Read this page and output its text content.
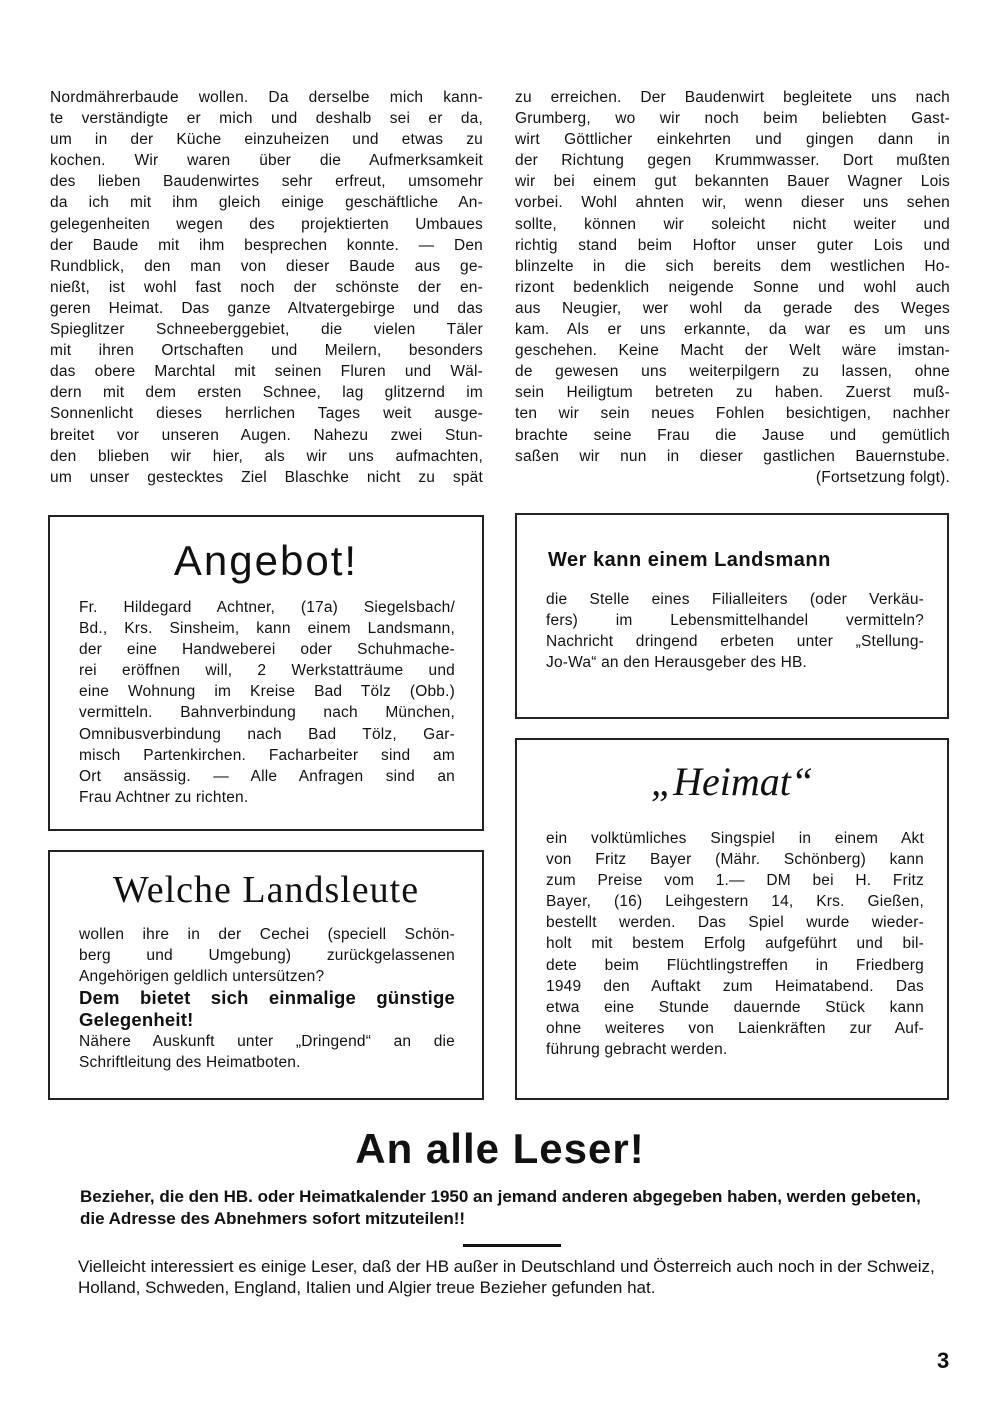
Nordmährerbaude wollen. Da derselbe mich kann-
te verständigte er mich und deshalb sei er da,
um in der Küche einzuheizen und etwas zu
kochen. Wir waren über die Aufmerksamkeit
des lieben Baudenwirtes sehr erfreut, umsomehr
da ich mit ihm gleich einige geschäftliche An-
gelegenheiten wegen des projektierten Umbaues
der Baude mit ihm besprechen konnte. — Den
Rundblick, den man von dieser Baude aus ge-
nießt, ist wohl fast noch der schönste der en-
geren Heimat. Das ganze Altvatergebirge und das
Spieglitzer Schneeberggebiet, die vielen Täler
mit ihren Ortschaften und Meilern, besonders
das obere Marchtal mit seinen Fluren und Wäl-
dern mit dem ersten Schnee, lag glitzernd im
Sonnenlicht dieses herrlichen Tages weit ausge-
breitet vor unseren Augen. Nahezu zwei Stun-
den blieben wir hier, als wir uns aufmachten,
um unser gestecktes Ziel Blaschke nicht zu spät
zu erreichen. Der Baudenwirt begleitete uns nach
Grumberg, wo wir noch beim beliebten Gast-
wirt Göttlicher einkehrten und gingen dann in
der Richtung gegen Krummwasser. Dort mußten
wir bei einem gut bekannten Bauer Wagner Lois
vorbei. Wohl ahnten wir, wenn dieser uns sehen
sollte, können wir soleicht nicht weiter und
richtig stand beim Hoftor unser guter Lois und
blinzelte in die sich bereits dem westlichen Ho-
rizont bedenklich neigende Sonne und wohl auch
aus Neugier, wer wohl da gerade des Weges
kam. Als er uns erkannte, da war es um uns
geschehen. Keine Macht der Welt wäre imstan-
de gewesen uns weiterpilgern zu lassen, ohne
sein Heiligtum betreten zu haben. Zuerst muß-
ten wir sein neues Fohlen besichtigen, nachher
brachte seine Frau die Jause und gemütlich
saßen wir nun in dieser gastlichen Bauernstube.
(Fortsetzung folgt).
Angebot!
Fr. Hildegard Achtner, (17a) Siegelsbach/
Bd., Krs. Sinsheim, kann einem Landsmann,
der eine Handweberei oder Schuhmache-
rei eröffnen will, 2 Werkstatträume und
eine Wohnung im Kreise Bad Tölz (Obb.)
vermitteln. Bahnverbindung nach München,
Omnibusverbindung nach Bad Tölz, Gar-
misch Partenkirchen. Facharbeiter sind am
Ort ansässig. — Alle Anfragen sind an
Frau Achtner zu richten.
Welche Landsleute
wollen ihre in der Cechei (speciell Schön-
berg und Umgebung) zurückgelassenen
Angehörigen geldlich untersützen?
Dem bietet sich einmalige günstige
Gelegenheit!
Nähere Auskunft unter „Dringend“ an die
Schriftleitung des Heimatboten.
Wer kann einem Landsmann
die Stelle eines Filialleiters (oder Verkäu-
fers) im Lebensmittelhandel vermitteln?
Nachricht dringend erbeten unter „Stellung-
Jo-Wa“ an den Herausgeber des HB.
„Heimat“
ein volktümliches Singspiel in einem Akt
von Fritz Bayer (Mähr. Schönberg) kann
zum Preise vom 1.— DM bei H. Fritz
Bayer, (16) Leihgestern 14, Krs. Gießen,
bestellt werden. Das Spiel wurde wieder-
holt mit bestem Erfolg aufgeführt und bil-
dete beim Flüchtlingstreffen in Friedberg
1949 den Auftakt zum Heimatabend. Das
etwa eine Stunde dauernde Stück kann
ohne weiteres von Laienkräften zur Auf-
führung gebracht werden.
An alle Leser!
Bezieher, die den HB. oder Heimatkalender 1950 an jemand anderen abgegeben haben, werden gebeten, die Adresse des Abnehmers sofort mitzuteilen!!
Vielleicht interessiert es einige Leser, daß der HB außer in Deutschland und Österreich auch noch in der Schweiz, Holland, Schweden, England, Italien und Algier treue Bezieher gefunden hat.
3
